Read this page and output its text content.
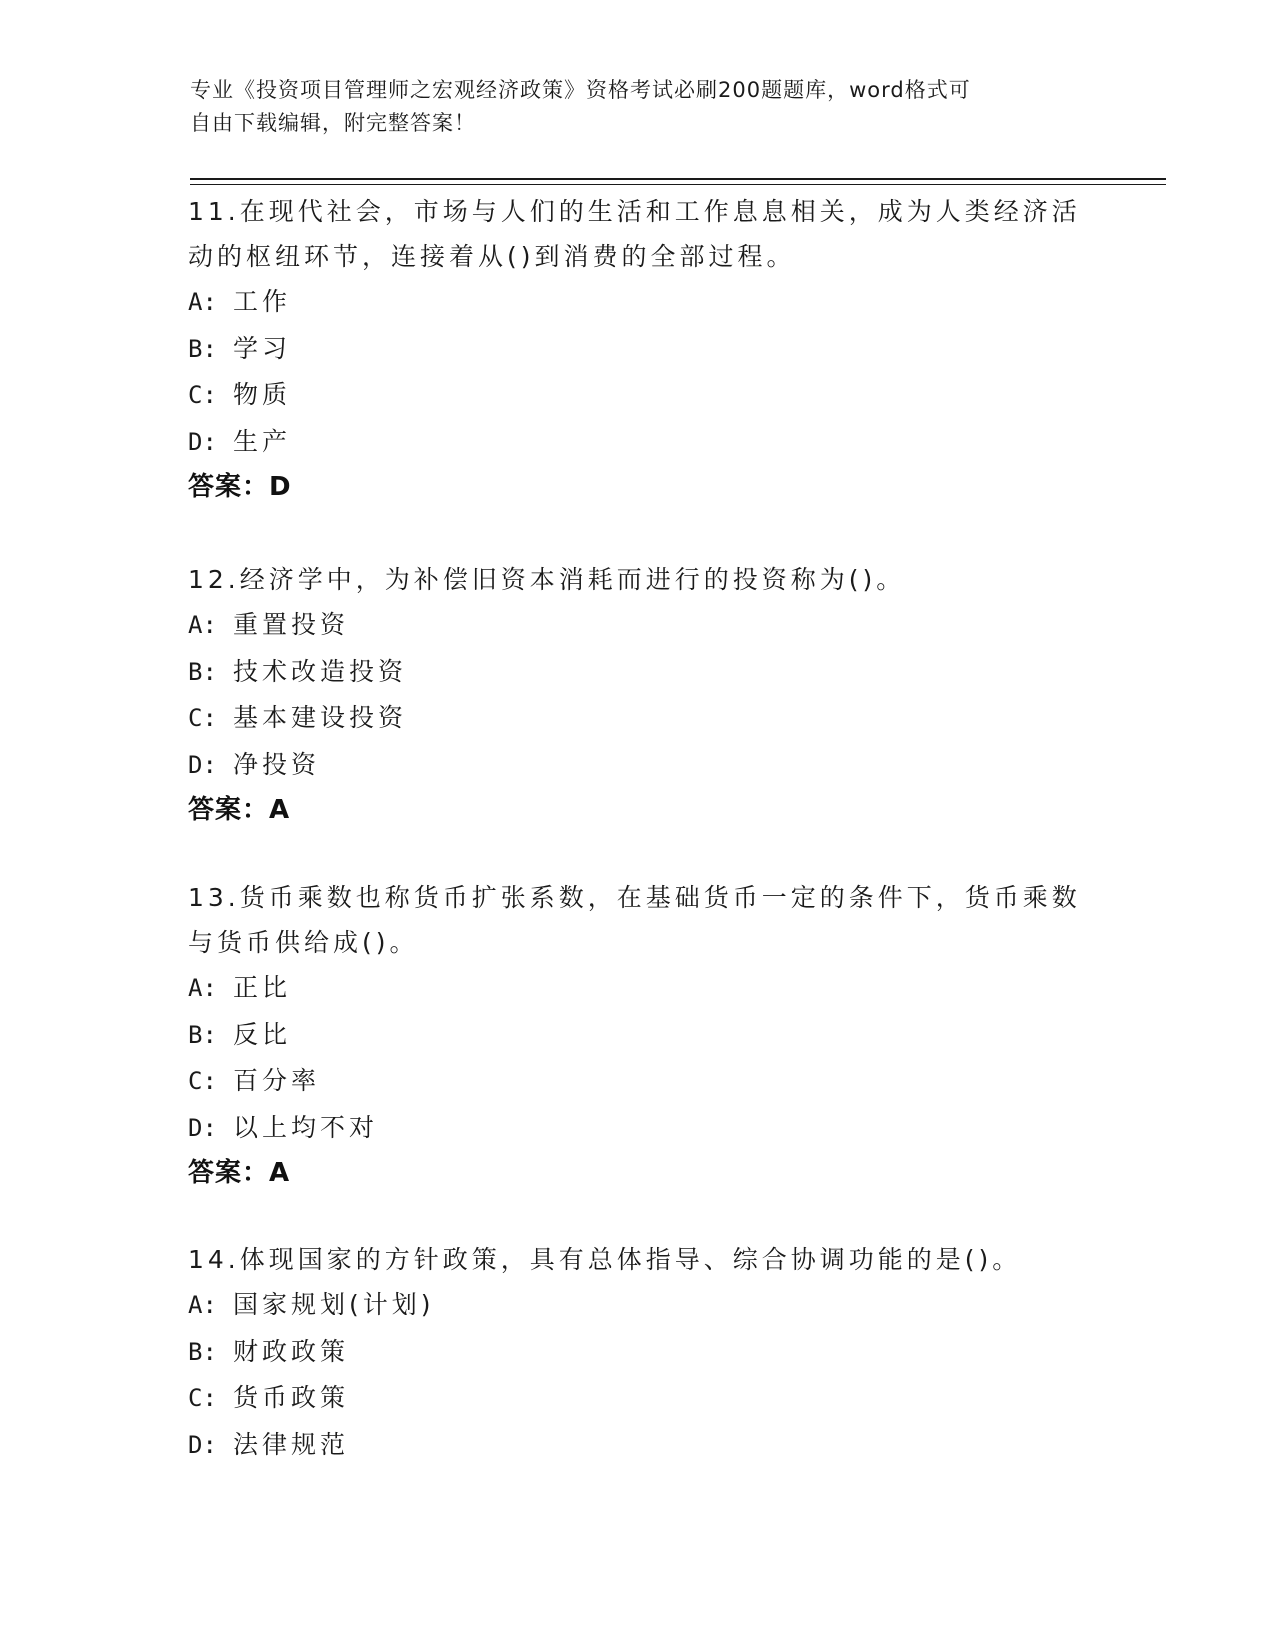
专业《投资项目管理师之宏观经济政策》资格考试必刷200题题库，word格式可
自由下载编辑，附完整答案！

11.在现代社会，市场与人们的生活和工作息息相关，成为人类经济活

动的枢纽环节，连接着从()到消费的全部过程。

A: 工作

B: 学习

C: 物质

D: 生产

答案：D

12.经济学中，为补偿旧资本消耗而进行的投资称为()。

A: 重置投资

B: 技术改造投资

C: 基本建设投资

D: 净投资

答案：A

13.货币乘数也称货币扩张系数，在基础货币一定的条件下，货币乘数

与货币供给成()。

A: 正比

B: 反比

C: 百分率

D: 以上均不对

答案：A

14.体现国家的方针政策，具有总体指导、综合协调功能的是()。

A: 国家规划(计划)

B: 财政政策

C: 货币政策

D: 法律规范
